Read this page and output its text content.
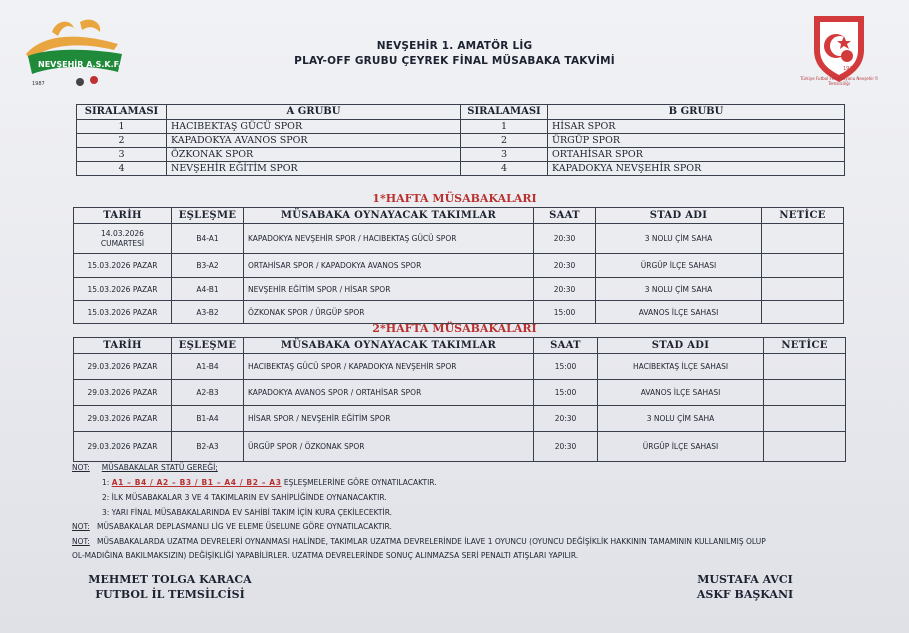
NEVŞEHİR A.S.K.F.
1987
1923
Türkiye Futbol Federasyonu Nevşehir İl Temsilciliği
NEVŞEHİR 1. AMATÖR LİG
PLAY-OFF GRUBU ÇEYREK FİNAL MÜSABAKA TAKVİMİ
SIRALAMASI	A GRUBU	SIRALAMASI	B GRUBU
1	HACIBEKTAŞ GÜCÜ SPOR	1	HİSAR SPOR
2	KAPADOKYA AVANOS SPOR	2	ÜRGÜP SPOR
3	ÖZKONAK SPOR	3	ORTAHİSAR SPOR
4	NEVŞEHİR EĞİTİM SPOR	4	KAPADOKYA NEVŞEHİR SPOR
1*HAFTA MÜSABAKALARI
TARİH	EŞLEŞME	MÜSABAKA OYNAYACAK TAKIMLAR	SAAT	STAD ADI	NETİCE
14.03.2026
CUMARTESİ	B4-A1	KAPADOKYA NEVŞEHİR SPOR / HACIBEKTAŞ GÜCÜ SPOR	20:30	3 NOLU ÇİM SAHA	
15.03.2026 PAZAR	B3-A2	ORTAHİSAR SPOR / KAPADOKYA AVANOS SPOR	20:30	ÜRGÜP İLÇE SAHASI	
15.03.2026 PAZAR	A4-B1	NEVŞEHİR EĞİTİM SPOR / HİSAR SPOR	20:30	3 NOLU ÇİM SAHA	
15.03.2026 PAZAR	A3-B2	ÖZKONAK SPOR / ÜRGÜP SPOR	15:00	AVANOS İLÇE SAHASI	
2*HAFTA MÜSABAKALARI
TARİH	EŞLEŞME	MÜSABAKA OYNAYACAK TAKIMLAR	SAAT	STAD ADI	NETİCE
29.03.2026 PAZAR	A1-B4	HACIBEKTAŞ GÜCÜ SPOR / KAPADOKYA NEVŞEHİR SPOR	15:00	HACIBEKTAŞ İLÇE SAHASI	
29.03.2026 PAZAR	A2-B3	KAPADOKYA AVANOS SPOR / ORTAHİSAR SPOR	15:00	AVANOS İLÇE SAHASI	
29.03.2026 PAZAR	B1-A4	HİSAR SPOR / NEVŞEHİR EĞİTİM SPOR	20:30	3 NOLU ÇİM SAHA	
29.03.2026 PAZAR	B2-A3	ÜRGÜP SPOR / ÖZKONAK SPOR	20:30	ÜRGÜP İLÇE SAHASI	
NOT: MÜSABAKALAR STATÜ GEREĞİ;
1: A1 – B4 / A2 – B3 / B1 – A4 / B2 – A3 EŞLEŞMELERİNE GÖRE OYNATILACAKTIR.
2: İLK MÜSABAKALAR 3 VE 4 TAKIMLARIN EV SAHİPLİĞİNDE OYNANACAKTIR.
3: YARI FİNAL MÜSABAKALARINDA EV SAHİBİ TAKIM İÇİN KURA ÇEKİLECEKTİR.
NOT: MÜSABAKALAR DEPLASMANLI LİG VE ELEME ÜSELUNE GÖRE OYNATILACAKTIR.
NOT: MÜSABAKALARDA UZATMA DEVRELERİ OYNANMASI HALİNDE, TAKIMLAR UZATMA DEVRELERİNDE İLAVE 1 OYUNCU (OYUNCU DEĞİŞİKLİK HAKKININ TAMAMININ KULLANILMIŞ OLUP
OL-MADIĞINA BAKILMAKSIZIN) DEĞİŞİKLİĞİ YAPABİLİRLER. UZATMA DEVRELERİNDE SONUÇ ALINMAZSA SERİ PENALTI ATIŞLARI YAPILIR.
MEHMET TOLGA KARACA
FUTBOL İL TEMSİLCİSİ
MUSTAFA AVCI
ASKF BAŞKANI
